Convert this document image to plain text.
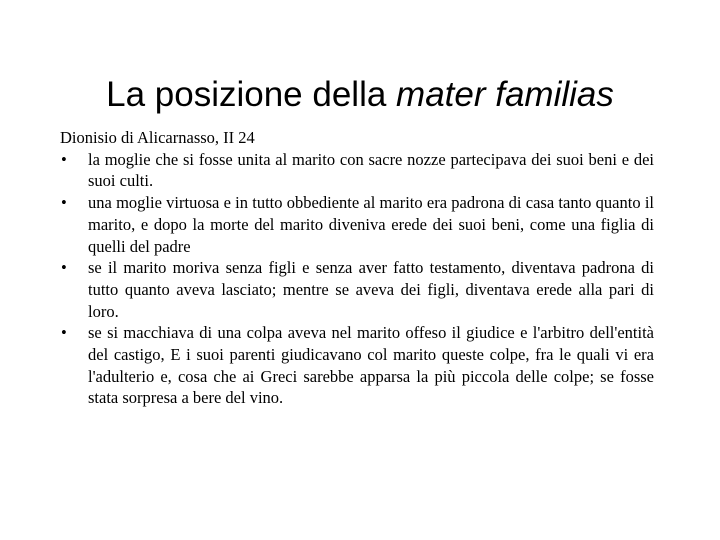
La posizione della mater familias
Dionisio di Alicarnasso, II 24
• la moglie che si fosse unita al marito con sacre nozze partecipava dei suoi beni e dei suoi culti.
• una moglie virtuosa e in tutto obbediente al marito era padrona di casa tanto quanto il marito, e dopo la morte del marito diveniva erede dei suoi beni, come una figlia di quelli del padre
• se il marito moriva senza figli e senza aver fatto testamento, diventava padrona di tutto quanto aveva lasciato; mentre se aveva dei figli, diventava erede alla pari di loro.
• se si macchiava di una colpa aveva nel marito offeso il giudice e l'arbitro dell'entità del castigo, E i suoi parenti giudicavano col marito queste colpe, fra le quali vi era l'adulterio e, cosa che ai Greci sarebbe apparsa la più piccola delle colpe; se fosse stata sorpresa a bere del vino.
